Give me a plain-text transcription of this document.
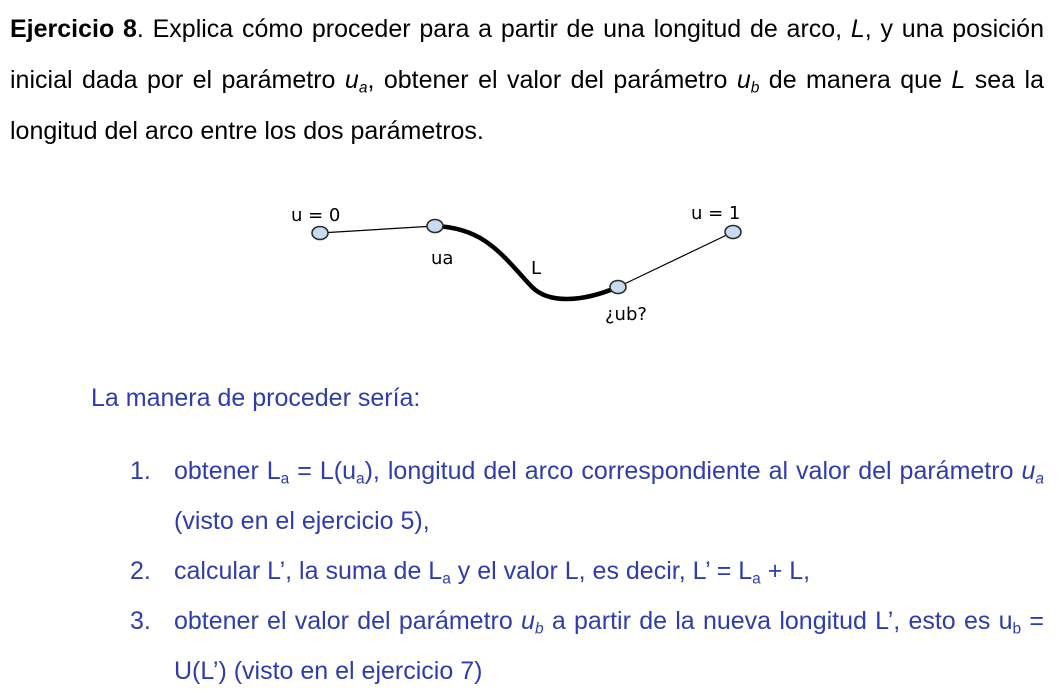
Ejercicio 8. Explica cómo proceder para a partir de una longitud de arco, L, y una posición inicial dada por el parámetro $u_a$, obtener el valor del parámetro $u_b$ de manera que L sea la longitud del arco entre los dos parámetros.

u = 0	u = 1
ua	L
¿ub?
La manera de proceder sería:
1. obtener $L_a = L(u_a)$, longitud del arco correspondiente al valor del parámetro $u_a$ (visto en el ejercicio 5),
2. calcular L’, la suma de $L_a$ y el valor L, es decir, L’ = $L_a + L$,
3. obtener el valor del parámetro $u_b$ a partir de la nueva longitud L’, esto es $u_b$ = U(L’) (visto en el ejercicio 7)
